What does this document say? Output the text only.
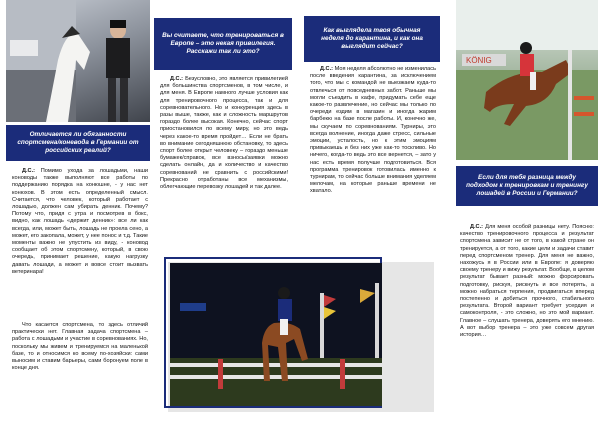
Отличается ли обязанности спортсмена/коневода в Германии от российских реалий?
Д.С.: Помимо ухода за лошадьми, наши коноводы также выполняют все работы по поддержанию порядка на конюшне, - у нас нет конюхов. В этом есть определенный смысл. Считается, что человек, который работает с лошадью, должен сам убирать денник. Почему? Потому что, придя с утра и посмотрев в бокс, видно, как лошадь «держит денник»: все ли как всегда, или, может быть, лошадь не проела сено, а может, его закопала, может, у нее понос и т.д. Такие моменты важно не упустить из виду, - коновод сообщает об этом спортсмену, который, в свою очередь, принимает решение, какую нагрузку давать лошади, а может и вовсе стоит вызвать ветеринара!
Что касается спортсмена, то здесь отличий практически нет. Главная задача спортсмена – работа с лошадьми и участие в соревнованиях. Но, поскольку мы живем и тренируемся на маленькой базе, то и относимся ко всему по-хозяйски: сами выносим и ставим барьеры, сами боронуем поле в конце дня.
Вы считаете, что тренироваться в Европе – это некая привилегия. Расскажи так ли это?
Д.С.: Безусловно, это является привилегией для большинства спортсменов, в том числе, и для меня. В Европе намного лучше условия как для тренировочного процесса, так и для соревновательного. Но и конкуренция здесь в разы выше, также, как и сложность маршрутов гораздо более высокая. Конечно, сейчас спорт приостановился по всему миру, но это ведь через какое-то время пройдет… Если не брать во внимание сегодняшнюю обстановку, то здесь спорт более открыт человеку – гораздо меньше бумажек/справок, все взносы/заявки можно сделать онлайн, да и количество и качество соревнований не сравнить с российскими! Прекрасно отработаны все механизмы, облегчающие перевозку лошадей и так далее.
Как выглядела твоя обычная неделя до карантина, и как она выглядит сейчас?
Д.С.: Моя неделя абсолютно не изменилась после введения карантина, за исключением того, что мы с командой не выезжаем куда-то отвлечься от повседневных забот. Раньше мы могли съездить в кафе, придумать себе еще какое-то развлечение, но сейчас мы только по очереди ездим в магазин и иногда жарим барбекю на базе после работы. И, конечно же, мы скучаем по соревнованиям. Турниры, это всегда волнение, иногда даже стресс, сильные эмоции, усталость, но к этим эмоциям привыкаешь и без них уже как-то тоскливо. Но ничего, когда-то ведь это все вернется, – зато у нас есть время получше подготовиться. Вся программа тренировок готовилась именно к турнирам, то сейчас больше внимания уделяем мелочам, на которые раньше времени не хватало.
KÖNIG
Если для тебя разница между подходом к тренировкам и тренингу лошадей в России и Германии?
Д.С.: Для меня особой разницы нету. Поясню: качество тренировочного процесса и результат спортсмена зависит не от того, в какой стране он тренируется, а от того, какие цели и задачи ставит перед спортсменом тренер. Для меня не важно, нахожусь я в России или в Европе: я доверяю своему тренеру и вижу результат. Вообще, в целом результат бывает разный: можно форсировать подготовку, рискуя, рискнуть и все потерять, а можно набраться терпения, продвигаться вперед постепенно и добиться прочного, стабильного результата. Второй вариант требует усердия и самоконтроля, - это сложно, но это мой вариант. Главное – слушать тренера, доверять его мнению. А вот выбор тренера – это уже совсем другая история…
